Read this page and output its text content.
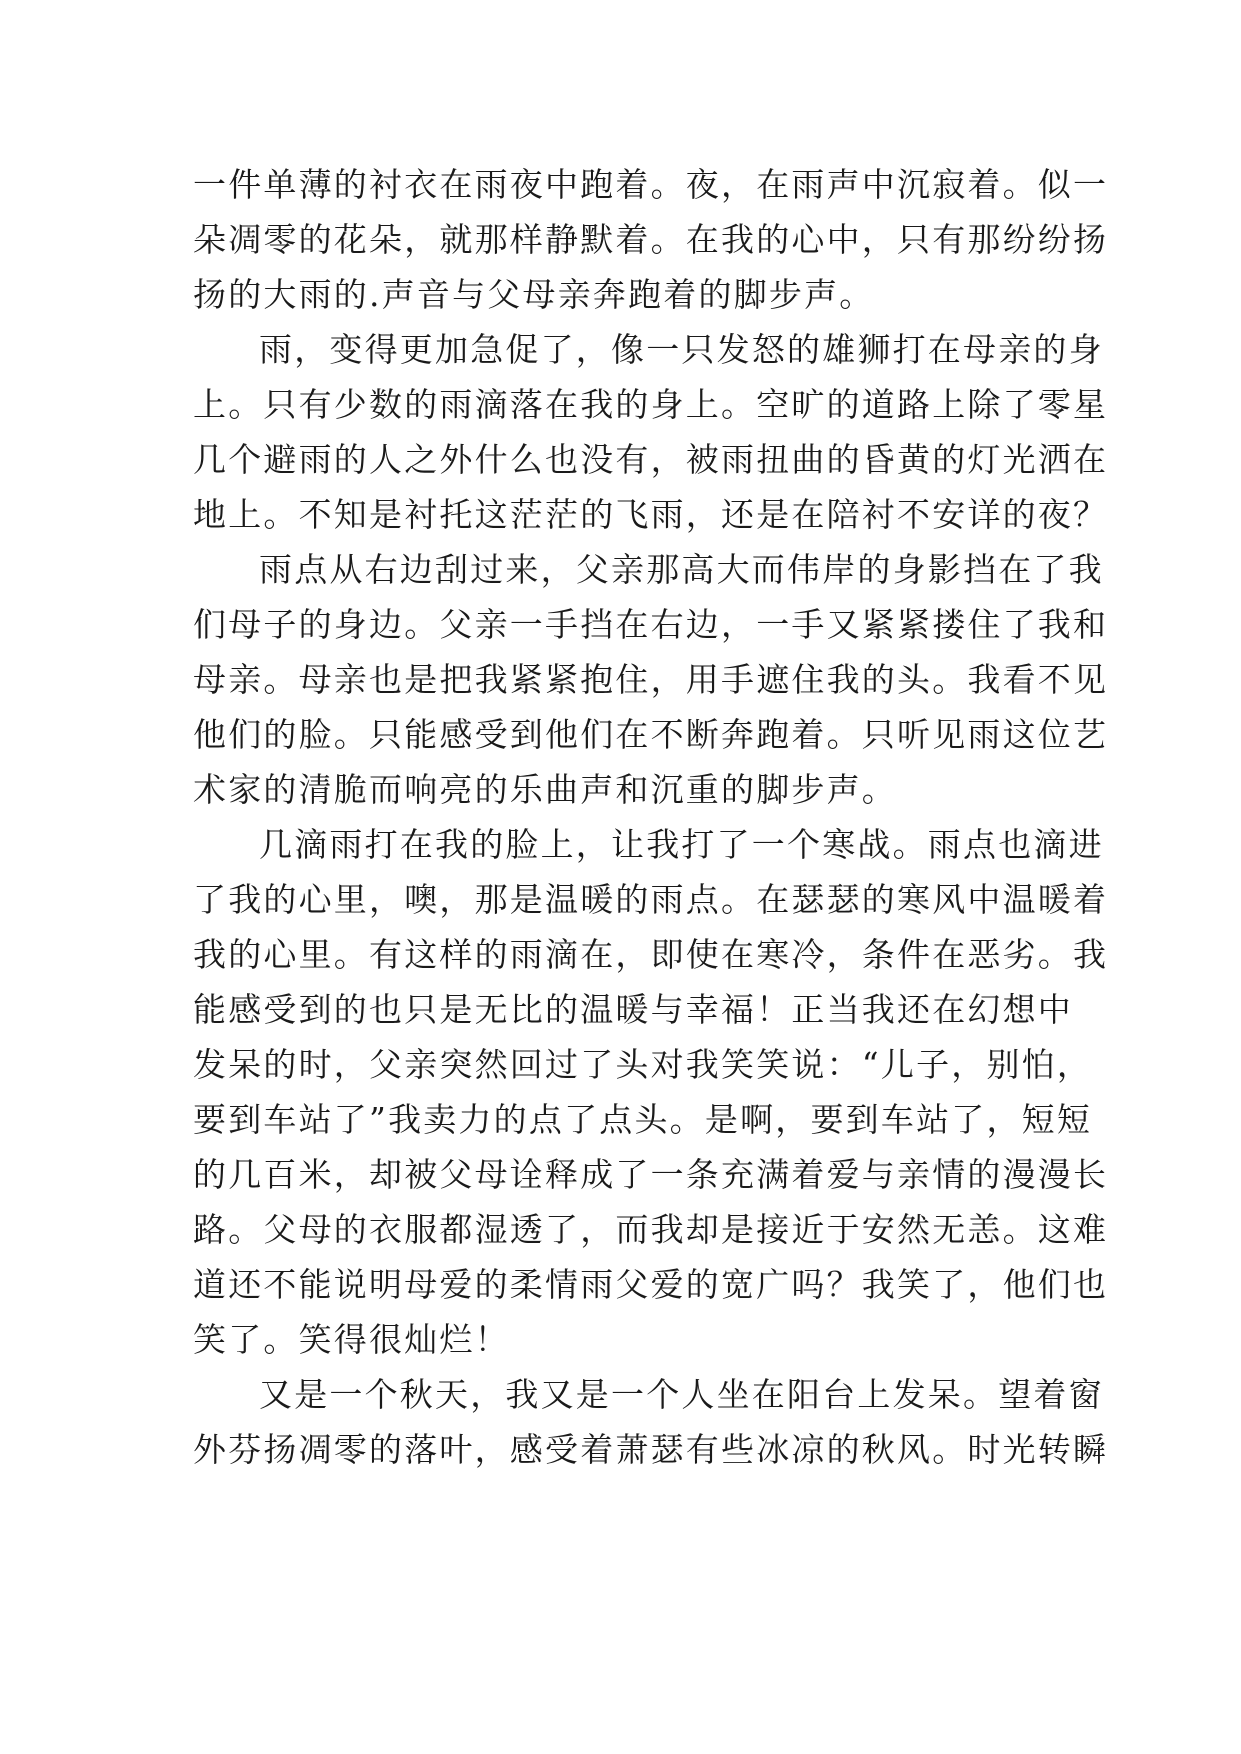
一件单薄的衬衣在雨夜中跑着。夜，在雨声中沉寂着。似一
朵凋零的花朵，就那样静默着。在我的心中，只有那纷纷扬
扬的大雨的.声音与父母亲奔跑着的脚步声。
雨，变得更加急促了，像一只发怒的雄狮打在母亲的身
上。只有少数的雨滴落在我的身上。空旷的道路上除了零星
几个避雨的人之外什么也没有，被雨扭曲的昏黄的灯光洒在
地上。不知是衬托这茫茫的飞雨，还是在陪衬不安详的夜？
雨点从右边刮过来，父亲那高大而伟岸的身影挡在了我
们母子的身边。父亲一手挡在右边，一手又紧紧搂住了我和
母亲。母亲也是把我紧紧抱住，用手遮住我的头。我看不见
他们的脸。只能感受到他们在不断奔跑着。只听见雨这位艺
术家的清脆而响亮的乐曲声和沉重的脚步声。
几滴雨打在我的脸上，让我打了一个寒战。雨点也滴进
了我的心里，噢，那是温暖的雨点。在瑟瑟的寒风中温暖着
我的心里。有这样的雨滴在，即使在寒冷，条件在恶劣。我
能感受到的也只是无比的温暖与幸福！正当我还在幻想中
发呆的时，父亲突然回过了头对我笑笑说：“儿子，别怕，
要到车站了”我卖力的点了点头。是啊，要到车站了，短短
的几百米，却被父母诠释成了一条充满着爱与亲情的漫漫长
路。父母的衣服都湿透了，而我却是接近于安然无恙。这难
道还不能说明母爱的柔情雨父爱的宽广吗？我笑了，他们也
笑了。笑得很灿烂！
又是一个秋天，我又是一个人坐在阳台上发呆。望着窗
外芬扬凋零的落叶，感受着萧瑟有些冰凉的秋风。时光转瞬
